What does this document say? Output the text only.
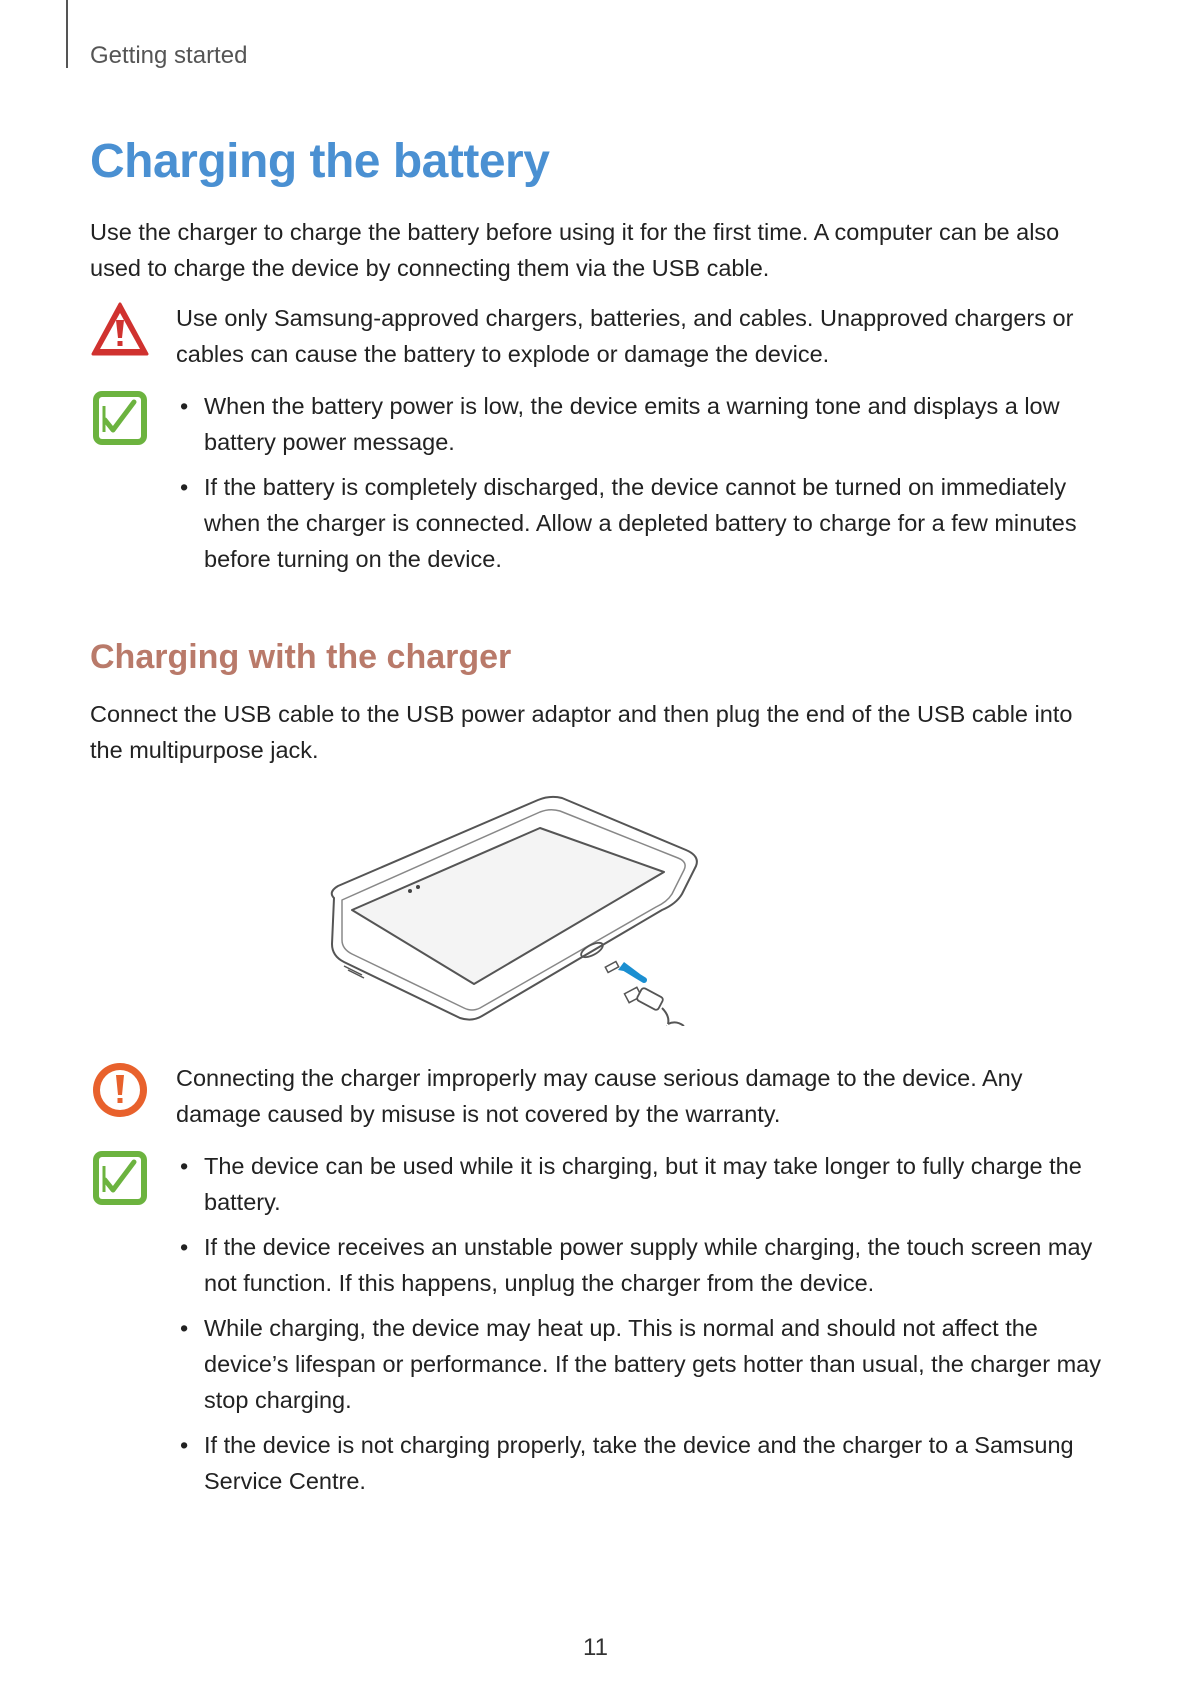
Getting started
Charging the battery

Use the charger to charge the battery before using it for the first time. A computer can be also used to charge the device by connecting them via the USB cable.

Use only Samsung-approved chargers, batteries, and cables. Unapproved chargers or cables can cause the battery to explode or damage the device.
• When the battery power is low, the device emits a warning tone and displays a low battery power message.
• If the battery is completely discharged, the device cannot be turned on immediately when the charger is connected. Allow a depleted battery to charge for a few minutes before turning on the device.
Charging with the charger

Connect the USB cable to the USB power adaptor and then plug the end of the USB cable into the multipurpose jack.

Connecting the charger improperly may cause serious damage to the device. Any damage caused by misuse is not covered by the warranty.
• The device can be used while it is charging, but it may take longer to fully charge the battery.
• If the device receives an unstable power supply while charging, the touch screen may not function. If this happens, unplug the charger from the device.
• While charging, the device may heat up. This is normal and should not affect the device’s lifespan or performance. If the battery gets hotter than usual, the charger may stop charging.
• If the device is not charging properly, take the device and the charger to a Samsung Service Centre.
11
